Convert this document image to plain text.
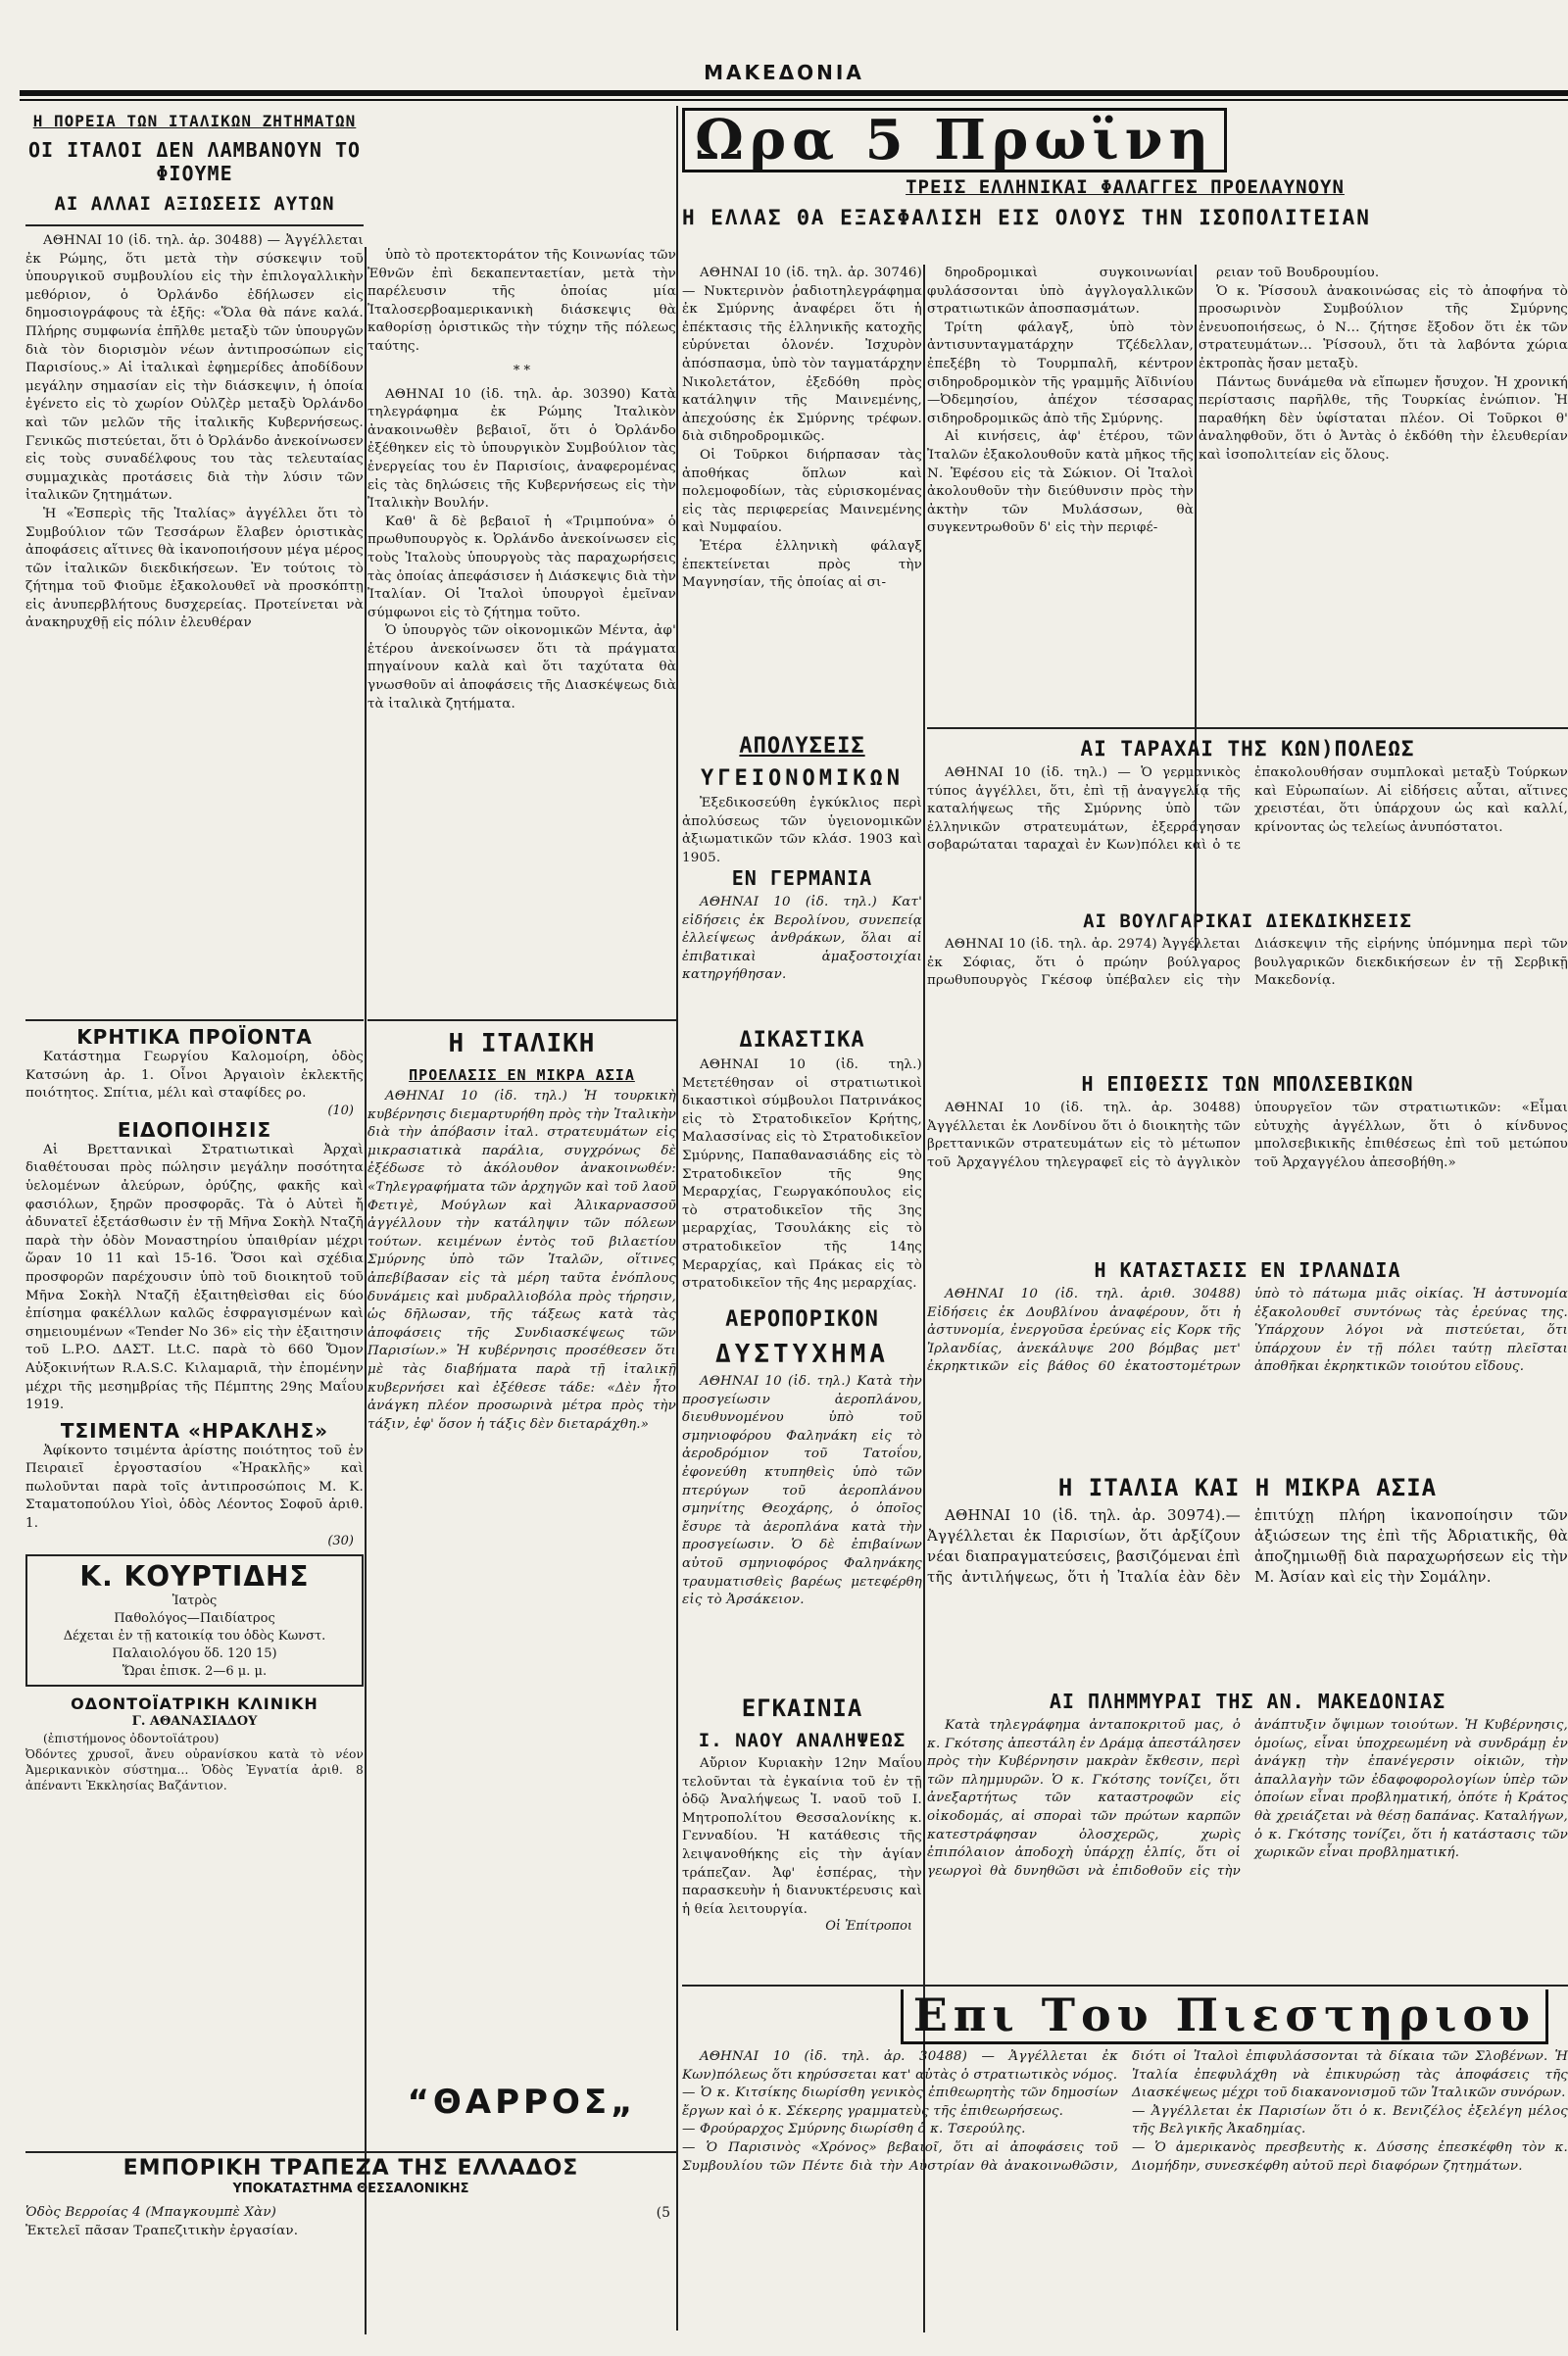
ΜΑΚΕΔΟΝΙΑ
Η ΠΟΡΕΙΑ ΤΩΝ ΙΤΑΛΙΚΩΝ ΖΗΤΗΜΑΤΩΝ
ΟΙ ΙΤΑΛΟΙ ΔΕΝ ΛΑΜΒΑΝΟΥΝ ΤΟ ΦΙΟΥΜΕ
ΑΙ ΑΛΛΑΙ ΑΞΙΩΣΕΙΣ ΑΥΤΩΝ

ΑΘΗΝΑΙ 10 (ἰδ. τηλ. ἀρ. 30488) — Ἀγγέλλεται ἐκ Ρώμης, ὅτι μετὰ τὴν σύσκεψιν τοῦ ὑπουργικοῦ συμβουλίου εἰς τὴν ἐπιλογαλλικὴν μεθόριον, ὁ Ὀρλάνδο ἐδήλωσεν εἰς δημοσιογράφους τὰ ἑξῆς: «Ὅλα θὰ πάνε καλά. Πλήρης συμφωνία ἐπῆλθε μεταξὺ τῶν ὑπουργῶν διὰ τὸν διορισμὸν νέων ἀντιπροσώπων εἰς Παρισίους.» Αἱ ἰταλικαὶ ἐφημερίδες ἀποδίδουν μεγάλην σημασίαν εἰς τὴν διάσκεψιν, ἡ ὁποία ἐγένετο εἰς τὸ χωρίον Οὐλζὲρ μεταξὺ Ὀρλάνδο καὶ τῶν μελῶν τῆς ἰταλικῆς Κυβερνήσεως. Γενικῶς πιστεύεται, ὅτι ὁ Ὀρλάνδο ἀνεκοίνωσεν εἰς τοὺς συναδέλφους του τὰς τελευταίας συμμαχικὰς προτάσεις διὰ τὴν λύσιν τῶν ἰταλικῶν ζητημάτων.

Ἡ «Ἑσπερὶς τῆς Ἰταλίας» ἀγγέλλει ὅτι τὸ Συμβούλιον τῶν Τεσσάρων ἔλαβεν ὁριστικὰς ἀποφάσεις αἵτινες θὰ ἱκανοποιήσουν μέγα μέρος τῶν ἰταλικῶν διεκδικήσεων. Ἐν τούτοις τὸ ζήτημα τοῦ Φιοῦμε ἐξακολουθεῖ νὰ προσκόπτῃ εἰς ἀνυπερβλήτους δυσχερείας. Προτείνεται νὰ ἀνακηρυχθῇ εἰς πόλιν ἐλευθέραν

ὑπὸ τὸ προτεκτοράτον τῆς Κοινωνίας τῶν Ἐθνῶν ἐπὶ δεκαπενταετίαν, μετὰ τὴν παρέλευσιν τῆς ὁποίας μία Ἰταλοσερβοαμερικανικὴ διάσκεψις θὰ καθορίσῃ ὁριστικῶς τὴν τύχην τῆς πόλεως ταύτης.

* *

ΑΘΗΝΑΙ 10 (ἰδ. τηλ. ἀρ. 30390) Κατὰ τηλεγράφημα ἐκ Ρώμης Ἰταλικὸν ἀνακοινωθὲν βεβαιοῖ, ὅτι ὁ Ὀρλάνδο ἐξέθηκεν εἰς τὸ ὑπουργικὸν Συμβούλιον τὰς ἐνεργείας του ἐν Παρισίοις, ἀναφερομένας εἰς τὰς δηλώσεις τῆς Κυβερνήσεως εἰς τὴν Ἰταλικὴν Βουλήν.

Καθ' ἃ δὲ βεβαιοῖ ἡ «Τριμπούνα» ὁ πρωθυπουργὸς κ. Ὀρλάνδο ἀνεκοίνωσεν εἰς τοὺς Ἰταλοὺς ὑπουργοὺς τὰς παραχωρήσεις τὰς ὁποίας ἀπεφάσισεν ἡ Διάσκεψις διὰ τὴν Ἰταλίαν. Οἱ Ἰταλοὶ ὑπουργοὶ ἐμεῖναν σύμφωνοι εἰς τὸ ζήτημα τοῦτο.

Ὁ ὑπουργὸς τῶν οἰκονομικῶν Μέντα, ἀφ' ἑτέρου ἀνεκοίνωσεν ὅτι τὰ πράγματα πηγαίνουν καλὰ καὶ ὅτι ταχύτατα θὰ γνωσθοῦν αἱ ἀποφάσεις τῆς Διασκέψεως διὰ τὰ ἰταλικὰ ζητήματα.

Ωρα 5 Πρωϊνη
ΤΡΕΙΣ ΕΛΛΗΝΙΚΑΙ ΦΑΛΑΓΓΕΣ ΠΡΟΕΛΑΥΝΟΥΝ
Η ΕΛΛΑΣ ΘΑ ΕΞΑΣΦΑΛΙΣΗ ΕΙΣ ΟΛΟΥΣ ΤΗΝ ΙΣΟΠΟΛΙΤΕΙΑΝ

ΑΘΗΝΑΙ 10 (ἰδ. τηλ. ἀρ. 30746) — Νυκτερινὸν ῥαδιοτηλεγράφημα ἐκ Σμύρνης ἀναφέρει ὅτι ἡ ἐπέκτασις τῆς ἑλληνικῆς κατοχῆς εὑρύνεται ὁλονέν. Ἰσχυρὸν ἀπόσπασμα, ὑπὸ τὸν ταγματάρχην Νικολετάτον, ἐξεδόθη πρὸς κατάληψιν τῆς Μαινεμένης, ἀπεχούσης ἐκ Σμύρνης τρέφων. διὰ σιδηροδρομικῶς.

Οἱ Τοῦρκοι διήρπασαν τὰς ἀποθήκας ὅπλων καὶ πολεμοφοδίων, τὰς εὑρισκομένας εἰς τὰς περιφερείας Μαινεμένης καὶ Νυμφαίου.

Ἑτέρα ἑλληνικὴ φάλαγξ ἐπεκτείνεται πρὸς τὴν Μαγνησίαν, τῆς ὁποίας αἱ σι-

δηροδρομικαὶ συγκοινωνίαι φυλάσσονται ὑπὸ ἀγγλογαλλικῶν στρατιωτικῶν ἀποσπασμάτων.

Τρίτη φάλαγξ, ὑπὸ τὸν ἀντισυνταγματάρχην Τζέδελλαν, ἐπεξέβη τὸ Τουρμπαλῆ, κέντρον σιδηροδρομικὸν τῆς γραμμῆς Ἀϊδινίου—Ὀδεμησίου, ἀπέχον τέσσαρας σιδηροδρομικῶς ἀπὸ τῆς Σμύρνης.

Αἱ κινήσεις, ἀφ' ἑτέρου, τῶν Ἰταλῶν ἐξακολουθοῦν κατὰ μῆκος τῆς Ν. Ἐφέσου εἰς τὰ Σώκιον. Οἱ Ἰταλοὶ ἀκολουθοῦν τὴν διεύθυνσιν πρὸς τὴν ἀκτὴν τῶν Μυλάσσων, θὰ συγκεντρωθοῦν δ' εἰς τὴν περιφέ-

ρειαν τοῦ Βουδρουμίου.

Ὁ κ. Ῥίσσουλ ἀνακοινώσας εἰς τὸ ἀποφήνα τὸ προσωρινὸν Συμβούλιον τῆς Σμύρνης ἐνευοποιήσεως, ὁ Ν... ζήτησε ἔξοδον ὅτι ἐκ τῶν στρατευμάτων... Ῥίσσουλ, ὅτι τὰ λαβόντα χώρια ἐκτροπὰς ἤσαν μεταξὺ.

Πάντως δυνάμεθα νὰ εἴπωμεν ἤσυχον. Ἡ χρονική περίστασις παρῆλθε, τῆς Τουρκίας ἐνώπιον. Ἡ παραθήκη δὲν ὑφίσταται πλέον. Οἱ Τοῦρκοι θ' ἀναληφθοῦν, ὅτι ὁ Ἀντὰς ὁ ἐκδόθη τὴν ἐλευθερίαν καὶ ἰσοπολιτείαν εἰς ὅλους.

ΑΠΟΛΥΣΕΙΣ
ΥΓΕΙΟΝΟΜΙΚΩΝ

Ἐξεδικοσεύθη ἐγκύκλιος περὶ ἀπολύσεως τῶν ὑγειονομικῶν ἀξιωματικῶν τῶν κλάσ. 1903 καὶ 1905.

ΕΝ ΓΕΡΜΑΝΙΑ

ΑΘΗΝΑΙ 10 (ἰδ. τηλ.) Κατ' εἰδήσεις ἐκ Βερολίνου, συνεπείᾳ ἐλλείψεως ἀνθράκων, ὅλαι αἱ ἐπιβατικαὶ ἁμαξοστοιχίαι κατηργήθησαν.

ΔΙΚΑΣΤΙΚΑ

ΑΘΗΝΑΙ 10 (ἰδ. τηλ.) Μετετέθησαν οἱ στρατιωτικοὶ δικαστικοὶ σύμβουλοι Πατρινάκος εἰς τὸ Στρατοδικεῖον Κρήτης, Μαλασσίνας εἰς τὸ Στρατοδικεῖον Σμύρνης, Παπαθανασιάδης εἰς τὸ Στρατοδικεῖον τῆς 9ης Μεραρχίας, Γεωργακόπουλος εἰς τὸ στρατοδικεῖον τῆς 3ης μεραρχίας, Τσουλάκης εἰς τὸ στρατοδικεῖον τῆς 14ης Μεραρχίας, καὶ Πράκας εἰς τὸ στρατοδικεῖον τῆς 4ης μεραρχίας.

ΑΕΡΟΠΟΡΙΚΟΝ
ΔΥΣΤΥΧΗΜΑ

ΑΘΗΝΑΙ 10 (ἰδ. τηλ.) Κατὰ τὴν προσγείωσιν ἀεροπλάνου, διευθυνομένου ὑπὸ τοῦ σμηνιοφόρου Φαληνάκη εἰς τὸ ἀεροδρόμιον τοῦ Τατοΐου, ἐφονεύθη κτυπηθεὶς ὑπὸ τῶν πτερύγων τοῦ ἀεροπλάνου σμηνίτης Θεοχάρης, ὁ ὁποῖος ἔσυρε τὰ ἀεροπλάνα κατὰ τὴν προσγείωσιν. Ὁ δὲ ἐπιβαίνων αὐτοῦ σμηνιοφόρος Φαληνάκης τραυματισθεὶς βαρέως μετεφέρθη εἰς τὸ Ἀρσάκειον.

ΕΓΚΑΙΝΙΑ
Ι. ΝΑΟΥ ΑΝΑΛΗΨΕΩΣ

Αὔριον Κυριακὴν 12ην Μαΐου τελοῦνται τὰ ἐγκαίνια τοῦ ἐν τῇ ὁδῷ Ἀναλήψεως Ἱ. ναοῦ τοῦ Ι. Μητροπολίτου Θεσσαλονίκης κ. Γενναδίου. Ἡ κατάθεσις τῆς λειψανοθήκης εἰς τὴν ἁγίαν τράπεζαν. Ἀφ' ἑσπέρας, τὴν παρασκευὴν ἡ διανυκτέρευσις καὶ ἡ θεία λειτουργία.

Οἱ Ἐπίτροποι
ΑΙ ΤΑΡΑΧΑΙ ΤΗΣ ΚΩΝ)ΠΟΛΕΩΣ

ΑΘΗΝΑΙ 10 (ἰδ. τηλ.) — Ὁ γερμανικὸς τύπος ἀγγέλλει, ὅτι, ἐπὶ τῇ ἀναγγελίᾳ τῆς καταλήψεως τῆς Σμύρνης ὑπὸ τῶν ἑλληνικῶν στρατευμάτων, ἐξερράγησαν σοβαρώταται ταραχαὶ ἐν Κων)πόλει καὶ ὁ τε ἐπακολουθήσαν συμπλοκαὶ μεταξὺ Τούρκων καὶ Εὐρωπαίων. Αἱ εἰδήσεις αὗται, αἵτινες χρειστέαι, ὅτι ὑπάρχουν ὡς καὶ καλλί, κρίνοντας ὡς τελείως ἀνυπόστατοι.

ΑΙ ΒΟΥΛΓΑΡΙΚΑΙ ΔΙΕΚΔΙΚΗΣΕΙΣ

ΑΘΗΝΑΙ 10 (ἰδ. τηλ. ἀρ. 2974) Ἀγγέλλεται ἐκ Σόφιας, ὅτι ὁ πρώην βούλγαρος πρωθυπουργὸς Γκέσοφ ὑπέβαλεν εἰς τὴν Διάσκεψιν τῆς εἰρήνης ὑπόμνημα περὶ τῶν βουλγαρικῶν διεκδικήσεων ἐν τῇ Σερβικῇ Μακεδονίᾳ.

Η ΕΠΙΘΕΣΙΣ ΤΩΝ ΜΠΟΛΣΕΒΙΚΩΝ

ΑΘΗΝΑΙ 10 (ἰδ. τηλ. ἀρ. 30488) Ἀγγέλλεται ἐκ Λονδίνου ὅτι ὁ διοικητὴς τῶν βρεττανικῶν στρατευμάτων εἰς τὸ μέτωπον τοῦ Ἀρχαγγέλου τηλεγραφεῖ εἰς τὸ ἀγγλικὸν ὑπουργεῖον τῶν στρατιωτικῶν: «Εἶμαι εὐτυχὴς ἀγγέλλων, ὅτι ὁ κίνδυνος μπολσεβικικῆς ἐπιθέσεως ἐπὶ τοῦ μετώπου τοῦ Ἀρχαγγέλου ἀπεσοβήθη.»

Η ΚΑΤΑΣΤΑΣΙΣ ΕΝ ΙΡΛΑΝΔΙΑ

ΑΘΗΝΑΙ 10 (ἰδ. τηλ. ἀριθ. 30488) Εἰδήσεις ἐκ Δουβλίνου ἀναφέρουν, ὅτι ἡ ἀστυνομία, ἐνεργοῦσα ἐρεύνας εἰς Κορκ τῆς Ἰρλανδίας, ἀνεκάλυψε 200 βόμβας μετ' ἐκρηκτικῶν εἰς βάθος 60 ἑκατοστομέτρων ὑπὸ τὸ πάτωμα μιᾶς οἰκίας. Ἡ ἀστυνομία ἐξακολουθεῖ συντόνως τὰς ἐρεύνας της. Ὑπάρχουν λόγοι νὰ πιστεύεται, ὅτι ὑπάρχουν ἐν τῇ πόλει ταύτῃ πλεῖσται ἀποθῆκαι ἐκρηκτικῶν τοιούτου εἴδους.

Η ΙΤΑΛΙΑ ΚΑΙ Η ΜΙΚΡΑ ΑΣΙΑ

ΑΘΗΝΑΙ 10 (ἰδ. τηλ. ἀρ. 30974).—Ἀγγέλλεται ἐκ Παρισίων, ὅτι ἀρξίζουν νέαι διαπραγματεύσεις, βασιζόμεναι ἐπὶ τῆς ἀντιλήψεως, ὅτι ἡ Ἰταλία ἐὰν δὲν ἐπιτύχῃ πλήρη ἱκανοποίησιν τῶν ἀξιώσεων της ἐπὶ τῆς Ἀδριατικῆς, θὰ ἀποζημιωθῇ διὰ παραχωρήσεων εἰς τὴν Μ. Ἀσίαν καὶ εἰς τὴν Σομάλην.

ΑΙ ΠΛΗΜΜΥΡΑΙ ΤΗΣ ΑΝ. ΜΑΚΕΔΟΝΙΑΣ

Κατὰ τηλεγράφημα ἀνταποκριτοῦ μας, ὁ κ. Γκότσης ἀπεστάλη ἐν Δράμᾳ ἀπεστάλησεν πρὸς τὴν Κυβέρνησιν μακρὰν ἔκθεσιν, περὶ τῶν πλημμυρῶν. Ὁ κ. Γκότσης τονίζει, ὅτι ἀνεξαρτήτως τῶν καταστροφῶν εἰς οἰκοδομάς, αἱ σποραὶ τῶν πρώτων καρπῶν κατεστράφησαν ὁλοσχερῶς, χωρὶς ἐπιπόλαιον ἀποδοχὴ ὑπάρχῃ ἐλπίς, ὅτι οἱ γεωργοὶ θὰ δυνηθῶσι νὰ ἐπιδοθοῦν εἰς τὴν ἀνάπτυξιν ὄψιμων τοιούτων. Ἡ Κυβέρνησις, ὁμοίως, εἶναι ὑποχρεωμένη νὰ συνδράμῃ ἐν ἀνάγκῃ τὴν ἐπανέγερσιν οἰκιῶν, τὴν ἀπαλλαγὴν τῶν ἐδαφοφορολογίων ὑπὲρ τῶν ὁποίων εἶναι προβληματική, ὁπότε ἡ Κράτος θὰ χρειάζεται νὰ θέσῃ δαπάνας. Καταλήγων, ὁ κ. Γκότσης τονίζει, ὅτι ἡ κατάστασις τῶν χωρικῶν εἶναι προβληματική.

Επι Του Πιεστηριου

ΑΘΗΝΑΙ 10 (ἰδ. τηλ. ἀρ. 30488) — Ἀγγέλλεται ἐκ Κων)πόλεως ὅτι κηρύσσεται κατ' αὐτὰς ὁ στρατιωτικὸς νόμος.
— Ὁ κ. Κιτσίκης διωρίσθη γενικὸς ἐπιθεωρητὴς τῶν δημοσίων ἔργων καὶ ὁ κ. Σέκερης γραμματεὺς τῆς ἐπιθεωρήσεως.
— Φρούραρχος Σμύρνης διωρίσθη ὁ κ. Τσερούλης.
— Ὁ Παρισινὸς «Χρόνος» βεβαιοῖ, ὅτι αἱ ἀποφάσεις τοῦ Συμβουλίου τῶν Πέντε διὰ τὴν Αὐστρίαν θὰ ἀνακοινωθῶσιν, διότι οἱ Ἰταλοὶ ἐπιφυλάσσονται τὰ δίκαια τῶν Σλοβένων. Ἡ Ἰταλία ἐπεφυλάχθη νὰ ἐπικυρώσῃ τὰς ἀποφάσεις τῆς Διασκέψεως μέχρι τοῦ διακανονισμοῦ τῶν Ἰταλικῶν συνόρων.
— Ἀγγέλλεται ἐκ Παρισίων ὅτι ὁ κ. Βενιζέλος ἐξελέγη μέλος τῆς Βελγικῆς Ἀκαδημίας.
— Ὁ ἀμερικανὸς πρεσβευτὴς κ. Δύσσης ἐπεσκέφθη τὸν κ. Διομήδην, συνεσκέφθη αὐτοῦ περὶ διαφόρων ζητημάτων.

ΚΡΗΤΙΚΑ ΠΡΟΪΟΝΤΑ

Κατάστημα Γεωργίου Καλομοίρη, ὁδὸς Κατσώνη ἀρ. 1. Οἶνοι Ἀργαιοὶν ἐκλεκτῆς ποιότητος. Σπίτια, μέλι καὶ σταφίδες ρο.

(10)
ΕΙΔΟΠΟΙΗΣΙΣ

Αἱ Βρεττανικαὶ Στρατιωτικαὶ Ἀρχαὶ διαθέτουσαι πρὸς πώλησιν μεγάλην ποσότητα ὑελομένων ἀλεύρων, ὀρύζης, φακῆς καὶ φασιόλων, ξηρῶν προσφορᾶς. Τὰ ὁ Αὐτεὶ ἤ ἀδυνατεῖ ἐξετάσθωσιν ἐν τῇ Μῆνα Σοκὴλ Νταζῆ παρὰ τὴν ὁδὸν Μοναστηρίου ὑπαιθρίαν μέχρι ὥραν 10 11 καὶ 15-16. Ὅσοι καὶ σχέδια προσφορῶν παρέχουσιν ὑπὸ τοῦ διοικητοῦ τοῦ Μῆνα Σοκὴλ Νταζῆ ἐξαιτηθεὶσθαι εἰς δύο ἐπίσημα φακέλλων καλῶς ἐσφραγισμένων καὶ σημειουμένων «Tender No 36» εἰς τὴν ἐξαιτησιν τοῦ L.P.O. ΔΑΣΤ. Lt.C. παρὰ τὸ 660 Ὄμον Αὐξοκινήτων R.A.S.C. Κιλαμαριᾶ, τὴν ἐπομένην μέχρι τῆς μεσημβρίας τῆς Πέμπτης 29ης Μαΐου 1919.

ΤΣΙΜΕΝΤΑ «ΗΡΑΚΛΗΣ»

Ἀφίκοντο τσιμέντα ἀρίστης ποιότητος τοῦ ἐν Πειραιεῖ ἐργοστασίου «Ἡρακλῆς» καὶ πωλοῦνται παρὰ τοῖς ἀντιπροσώποις Μ. Κ. Σταματοπούλου Υἱοὶ, ὁδὸς Λέοντος Σοφοῦ ἀριθ. 1.

(30)
Κ. ΚΟΥΡΤΙΔΗΣ
Ἰατρὸς
Παθολόγος—Παιδίατρος
Δέχεται ἐν τῇ κατοικίᾳ του ὁδὸς Κωνστ. Παλαιολόγου ὅδ. 120 15)
Ὥραι ἐπισκ. 2—6 μ. μ.
ΟΔΟΝΤΟΪΑΤΡΙΚΗ ΚΛΙΝΙΚΗ
Γ. ΑΘΑΝΑΣΙΑΔΟΥ

(ἐπιστήμονος ὀδοντοϊάτρου)
Ὀδόντες χρυσοῖ, ἄνευ οὐρανίσκου κατὰ τὸ νέον Ἀμερικανικὸν σύστημα... Ὁδὸς Ἐγνατία ἀριθ. 8 ἀπέναντι Ἐκκλησίας Βαζάντιον.

Η ΙΤΑΛΙΚΗ
ΠΡΟΕΛΑΣΙΣ ΕΝ ΜΙΚΡΑ ΑΣΙΑ

ΑΘΗΝΑΙ 10 (ἰδ. τηλ.) Ἡ τουρκικὴ κυβέρνησις διεμαρτυρήθη πρὸς τὴν Ἰταλικὴν διὰ τὴν ἀπόβασιν ἰταλ. στρατευμάτων εἰς μικρασιατικὰ παράλια, συγχρόνως δὲ ἐξέδωσε τὸ ἀκόλουθον ἀνακοινωθέν: «Τηλεγραφήματα τῶν ἀρχηγῶν καὶ τοῦ λαοῦ Φετιγὲ, Μούγλων καὶ Ἀλικαρνασσοῦ ἀγγέλλουν τὴν κατάληψιν τῶν πόλεων τούτων. κειμένων ἐντὸς τοῦ βιλαετίου Σμύρνης ὑπὸ τῶν Ἰταλῶν, οἵτινες ἀπεβίβασαν εἰς τὰ μέρη ταῦτα ἐνόπλους δυνάμεις καὶ μυδραλλιοβόλα πρὸς τήρησιν, ὡς δῆλωσαν, τῆς τάξεως κατὰ τὰς ἀποφάσεις τῆς Συνδιασκέψεως τῶν Παρισίων.» Ἡ κυβέρνησις προσέθεσεν ὅτι μὲ τὰς διαβήματα παρὰ τῇ ἰταλικῇ κυβερνήσει καὶ ἐξέθεσε τάδε: «Δὲν ἦτο ἀνάγκη πλέον προσωρινὰ μέτρα πρὸς τὴν τάξιν, ἐφ' ὅσον ἡ τάξις δὲν διεταράχθη.»

“ΘΑΡΡΟΣ„
ΕΜΠΟΡΙΚΗ ΤΡΑΠΕΖΑ ΤΗΣ ΕΛΛΑΔΟΣ
ΥΠΟΚΑΤΑΣΤΗΜΑ ΘΕΣΣΑΛΟΝΙΚΗΣ
Ὁδὸς Βερροίας 4 (Μπαγκουμπὲ Χὰν)
Ἐκτελεῖ πᾶσαν Τραπεζιτικὴν ἐργασίαν.
(5
